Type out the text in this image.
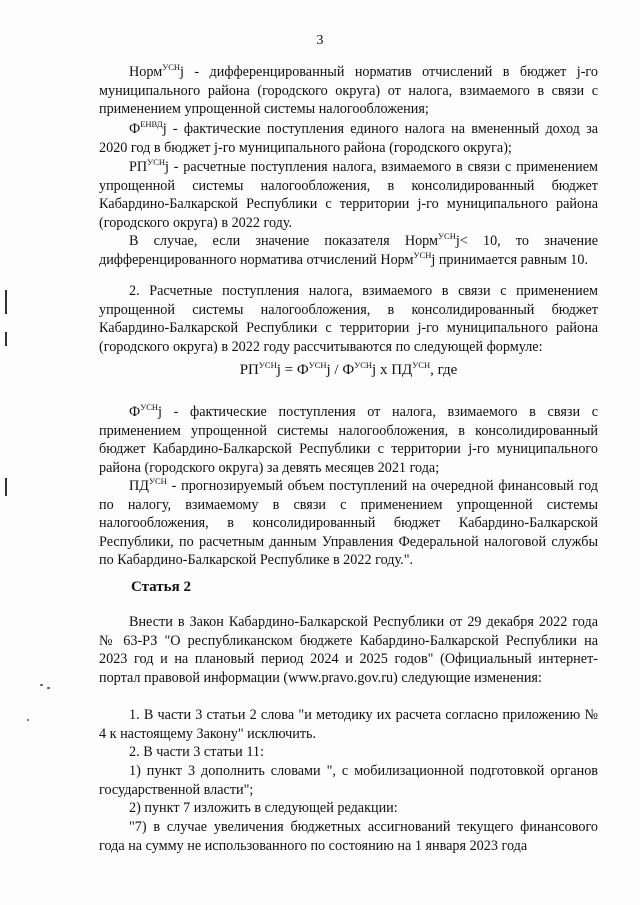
3

Норм$^{УСН}$j - дифференцированный норматив отчислений в бюджет j-го муниципального района (городского округа) от налога, взимаемого в связи с применением упрощенной системы налогообложения;

$Ф^{ЕНВД}j$ - фактические поступления единого налога на вмененный доход за 2020 год в бюджет j-го муниципального района (городского округа);

$РП^{УСН}j$ - расчетные поступления налога, взимаемого в связи с применением упрощенной системы налогообложения, в консолидированный бюджет Кабардино-Балкарской Республики с территории j-го муниципального района (городского округа) в 2022 году.

В случае, если значение показателя Норм$^{УСН}$j< 10, то значение дифференцированного норматива отчислений Норм$^{УСН}$j принимается равным 10.

2. Расчетные поступления налога, взимаемого в связи с применением упрощенной системы налогообложения, в консолидированный бюджет Кабардино-Балкарской Республики с территории j-го муниципального района (городского округа) в 2022 году рассчитываются по следующей формуле:

$РП^{УСН}j = Ф^{УСН}j / Ф^{УСН}j$ x $ПД^{УСН}$, где

$Ф^{УСН}j$ - фактические поступления от налога, взимаемого в связи с применением упрощенной системы налогообложения, в консолидированный бюджет Кабардино-Балкарской Республики с территории j-го муниципального района (городского округа) за девять месяцев 2021 года;

$ПД^{УСН}$ - прогнозируемый объем поступлений на очередной финансовый год по налогу, взимаемому в связи с применением упрощенной системы налогообложения, в консолидированный бюджет Кабардино-Балкарской Республики, по расчетным данным Управления Федеральной налоговой службы по Кабардино-Балкарской Республике в 2022 году.".

Статья 2

Внести в Закон Кабардино-Балкарской Республики от 29 декабря 2022 года № 63-РЗ "О республиканском бюджете Кабардино-Балкарской Республики на 2023 год и на плановый период 2024 и 2025 годов" (Официальный интернет-портал правовой информации (www.pravo.gov.ru) следующие изменения:

1. В части 3 статьи 2 слова "и методику их расчета согласно приложению № 4 к настоящему Закону" исключить.

2. В части 3 статьи 11:

1) пункт 3 дополнить словами ", с мобилизационной подготовкой органов государственной власти";

2) пункт 7 изложить в следующей редакции:

"7) в случае увеличения бюджетных ассигнований текущего финансового года на сумму не использованного по состоянию на 1 января 2023 года
